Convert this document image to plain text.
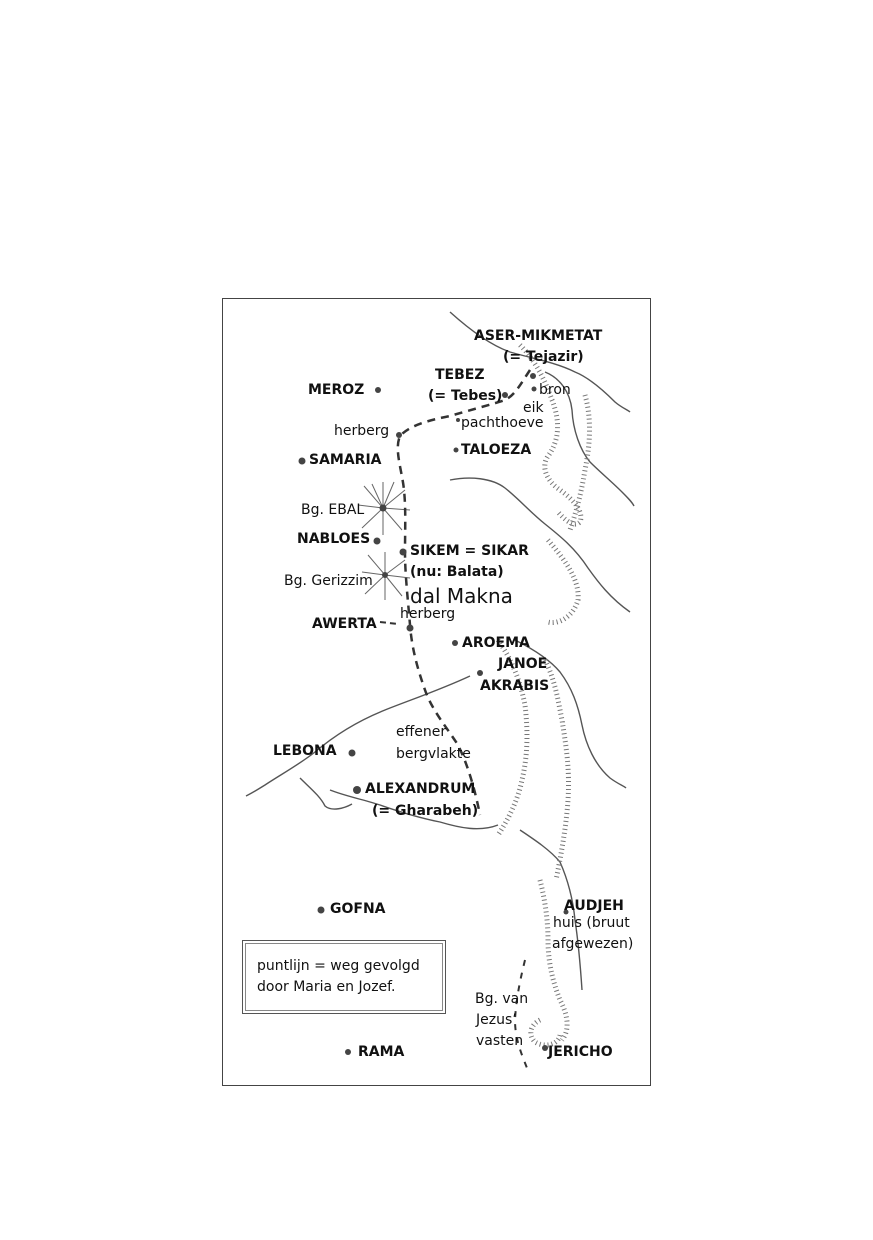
ASER-MIKMETAT
(= Tejazir)
TEBEZ
(= Tebes)	bron
eik
pachthoeve
MEROZ
herberg
SAMARIA
TALOEZA
Bg. EBAL
NABLOES
SIKEM = SIKAR
(nu: Balata)
Bg. Gerizzim
dal Makna
herberg
AWERTA
AROEMA
JANOE
AKRABIS
effener
bergvlakte
LEBONA
ALEXANDRUM
(= Gharabeh)
GOFNA	AUDJEH
huis (bruut
afgewezen)
Bg. van
Jezus’
vasten
JERICHO
RAMA
puntlijn = weg gevolgd
door Maria en Jozef.
